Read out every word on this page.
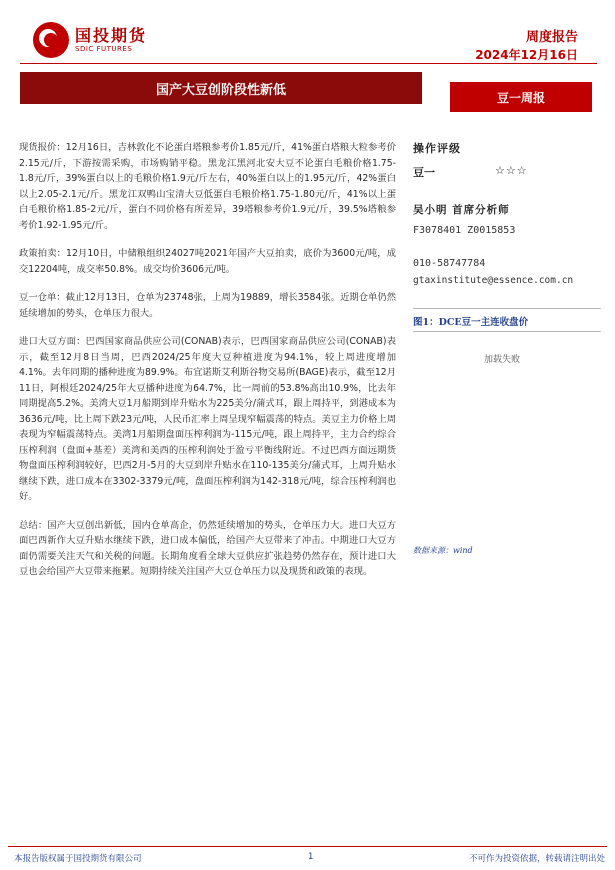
国投期货
SDIC FUTURES
周度报告
2024年12月16日
国产大豆创阶段性新低	豆一周报

现货报价：12月16日，吉林敦化不论蛋白塔粮参考价1.85元/斤，41%蛋白塔粮大粒参考价2.15元/斤，下游按需采购，市场购销平稳。黑龙江黑河北安大豆不论蛋白毛粮价格1.75-1.8元/斤，39%蛋白以上的毛粮价格1.9元/斤左右，40%蛋白以上的1.95元/斤，42%蛋白以上2.05-2.1元/斤。黑龙江双鸭山宝清大豆低蛋白毛粮价格1.75-1.80元/斤，41%以上蛋白毛粮价格1.85-2元/斤，蛋白不同价格有所差异，39塔粮参考价1.9元/斤，39.5%塔粮参考价1.92-1.95元/斤。

政策拍卖：12月10日，中储粮组织24027吨2021年国产大豆拍卖，底价为3600元/吨，成交12204吨，成交率50.8%。成交均价3606元/吨。

豆一仓单：截止12月13日，仓单为23748张，上周为19889，增长3584张。近期仓单仍然延续增加的势头，仓单压力很大。

进口大豆方面：巴西国家商品供应公司(CONAB)表示，巴西国家商品供应公司(CONAB)表示，截至12月8日当周，巴西2024/25年度大豆种植进度为94.1%，较上周进度增加4.1%。去年同期的播种进度为89.9%。布宜诺斯艾利斯谷物交易所(BAGE)表示，截至12月11日，阿根廷2024/25年大豆播种进度为64.7%，比一周前的53.8%高出10.9%，比去年同期提高5.2%。美湾大豆1月船期到岸升贴水为225美分/蒲式耳，跟上周持平，到港成本为3636元/吨，比上周下跌23元/吨，人民币汇率上周呈现窄幅震荡的特点。美豆主力价格上周表现为窄幅震荡特点。美湾1月船期盘面压榨利润为-115元/吨，跟上周持平，主力合约综合压榨利润（盘面+基差）美湾和美西的压榨利润处于盈亏平衡线附近。不过巴西方面远期货物盘面压榨利润较好，巴西2月-5月的大豆到岸升贴水在110-135美分/蒲式耳，上周升贴水继续下跌，进口成本在3302-3379元/吨，盘面压榨利润为142-318元/吨，综合压榨利润也好。

总结：国产大豆创出新低，国内仓单高企，仍然延续增加的势头，仓单压力大。进口大豆方面巴西新作大豆升贴水继续下跌，进口成本偏低，给国产大豆带来了冲击。中期进口大豆方面仍需要关注天气和关税的问题。长期角度看全球大豆供应扩张趋势仍然存在，预计进口大豆也会给国产大豆带来拖累。短期持续关注国产大豆仓单压力以及现货和政策的表现。

操作评级
豆一	☆☆☆
吴小明 首席分析师
F3078401 Z0015853
010-58747784
gtaxinstitute@essence.com.cn
图1：DCE豆一主连收盘价
加载失败
数据来源：wind
本报告版权属于国投期货有限公司	1	不可作为投资依据，转载请注明出处
